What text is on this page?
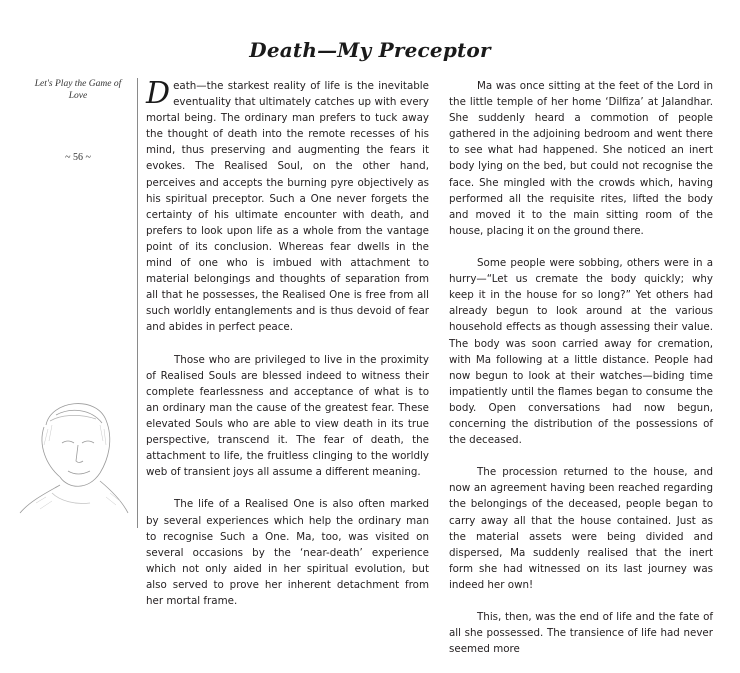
Death—My Preceptor
Let's Play the Game of Love
~ 56 ~

Death—the starkest reality of life is the inevitable eventuality that ultimately catches up with every mortal being. The ordinary man prefers to tuck away the thought of death into the remote recesses of his mind, thus preserving and augmenting the fears it evokes. The Realised Soul, on the other hand, perceives and accepts the burning pyre objectively as his spiritual preceptor. Such a One never forgets the certainty of his ultimate encounter with death, and prefers to look upon life as a whole from the vantage point of its conclusion. Whereas fear dwells in the mind of one who is imbued with attachment to material belongings and thoughts of separation from all that he possesses, the Realised One is free from all such worldly entanglements and is thus devoid of fear and abides in perfect peace.

Those who are privileged to live in the proximity of Realised Souls are blessed indeed to witness their complete fearlessness and acceptance of what is to an ordinary man the cause of the greatest fear. These elevated Souls who are able to view death in its true perspective, transcend it. The fear of death, the attachment to life, the fruitless clinging to the worldly web of transient joys all assume a different meaning.

The life of a Realised One is also often marked by several experiences which help the ordinary man to recognise Such a One. Ma, too, was visited on several occasions by the ‘near-death’ experience which not only aided in her spiritual evolution, but also served to prove her inherent detachment from her mortal frame.

Ma was once sitting at the feet of the Lord in the little temple of her home ‘Dilfiza’ at Jalandhar. She suddenly heard a commotion of people gathered in the adjoining bedroom and went there to see what had happened. She noticed an inert body lying on the bed, but could not recognise the face. She mingled with the crowds which, having performed all the requisite rites, lifted the body and moved it to the main sitting room of the house, placing it on the ground there.

Some people were sobbing, others were in a hurry—“Let us cremate the body quickly; why keep it in the house for so long?” Yet others had already begun to look around at the various household effects as though assessing their value. The body was soon carried away for cremation, with Ma following at a little distance. People had now begun to look at their watches—biding time impatiently until the flames began to consume the body. Open conversations had now begun, concerning the distribution of the possessions of the deceased.

The procession returned to the house, and now an agreement having been reached regarding the belongings of the deceased, people began to carry away all that the house contained. Just as the material assets were being divided and dispersed, Ma suddenly realised that the inert form she had witnessed on its last journey was indeed her own!

This, then, was the end of life and the fate of all she possessed. The transience of life had never seemed more
